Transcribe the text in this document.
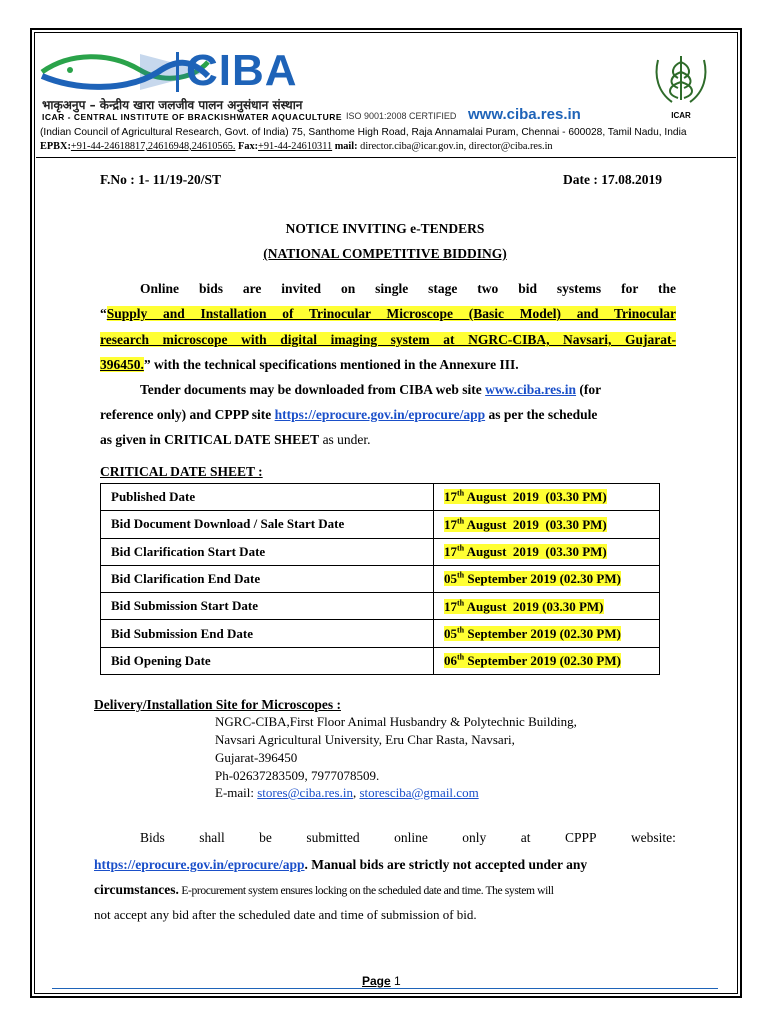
CIBA
भाकृअनुप – केन्द्रीय खारा जलजीव पालन अनुसंधान संस्थान
ICAR - CENTRAL INSTITUTE OF BRACKISHWATER AQUACULTURE ISO 9001:2008 CERTIFIED www.ciba.res.in	ICAR
(Indian Council of Agricultural Research, Govt. of India) 75, Santhome High Road, Raja Annamalai Puram, Chennai - 600028, Tamil Nadu, India
EPBX:+91-44-24618817,24616948,24610565. Fax:+91-44-24610311 mail: director.ciba@icar.gov.in, director@ciba.res.in
F.No : 1- 11/19-20/ST	Date : 17.08.2019
NOTICE INVITING e-TENDERS
(NATIONAL COMPETITIVE BIDDING)
Online bids are invited on single stage two bid systems for the
“Supply and Installation of Trinocular Microscope (Basic Model) and Trinocular
research microscope with digital imaging system at NGRC-CIBA, Navsari, Gujarat-
396450.” with the technical specifications mentioned in the Annexure III.
Tender documents may be downloaded from CIBA web site www.ciba.res.in (for
reference only) and CPPP site https://eprocure.gov.in/eprocure/app as per the schedule
as given in CRITICAL DATE SHEET as under.
CRITICAL DATE SHEET :
Published Date	17th August  2019  (03.30 PM)
Bid Document Download / Sale Start Date	17th August  2019  (03.30 PM)
Bid Clarification Start Date	17th August  2019  (03.30 PM)
Bid Clarification End Date	05th September 2019 (02.30 PM)
Bid Submission Start Date	17th August  2019 (03.30 PM)
Bid Submission End Date	05th September 2019 (02.30 PM)
Bid Opening Date	06th September 2019 (02.30 PM)
Delivery/Installation Site for Microscopes :
NGRC-CIBA,First Floor Animal Husbandry & Polytechnic Building,
Navsari Agricultural University, Eru Char Rasta, Navsari,
Gujarat-396450
Ph-02637283509, 7977078509.
E-mail: stores@ciba.res.in, storesciba@gmail.com
Bids	shall	be	submitted	online	only	at	CPPP	website:
https://eprocure.gov.in/eprocure/app. Manual bids are strictly not accepted under any
circumstances. E-procurement system ensures locking on the scheduled date and time. The system will
not accept any bid after the scheduled date and time of submission of bid.
Page 1
